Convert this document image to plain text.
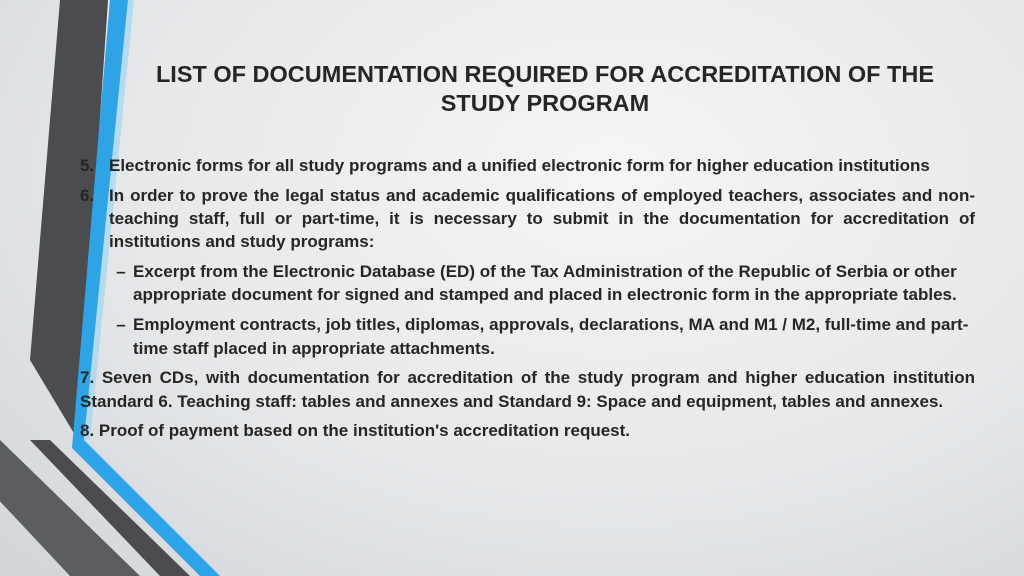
LIST OF DOCUMENTATION REQUIRED FOR ACCREDITATION OF THE STUDY PROGRAM
5. Electronic forms for all study programs and a unified electronic form for higher education institutions
6. In order to prove the legal status and academic qualifications of employed teachers, associates and non-teaching staff, full or part-time, it is necessary to submit in the documentation for accreditation of institutions and study programs:
– Excerpt from the Electronic Database (ED) of the Tax Administration of the Republic of Serbia or other appropriate document for signed and stamped and placed in electronic form in the appropriate tables.
– Employment contracts, job titles, diplomas, approvals, declarations, MA and M1 / M2, full-time and part-time staff placed in appropriate attachments.
7. Seven CDs, with documentation for accreditation of the study program and higher education institution Standard 6. Teaching staff: tables and annexes and Standard 9: Space and equipment, tables and annexes.
8. Proof of payment based on the institution's accreditation request.
